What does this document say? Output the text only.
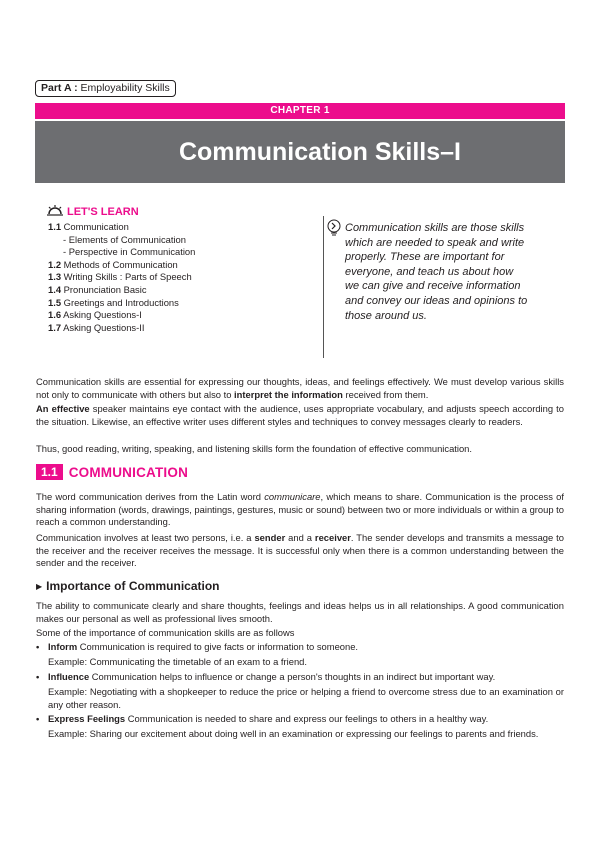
Part A : Employability Skills
CHAPTER 1
Communication Skills–I
LET'S LEARN
1.1 Communication
- Elements of Communication
- Perspective in Communication
1.2 Methods of Communication
1.3 Writing Skills : Parts of Speech
1.4 Pronunciation Basic
1.5 Greetings and Introductions
1.6 Asking Questions-I
1.7 Asking Questions-II
Communication skills are those skills which are needed to speak and write properly. These are important for everyone, and teach us about how we can give and receive information and convey our ideas and opinions to those around us.
Communication skills are essential for expressing our thoughts, ideas, and feelings effectively. We must develop various skills not only to communicate with others but also to interpret the information received from them.
An effective speaker maintains eye contact with the audience, uses appropriate vocabulary, and adjusts speech according to the situation. Likewise, an effective writer uses different styles and techniques to convey messages clearly to readers.
Thus, good reading, writing, speaking, and listening skills form the foundation of effective communication.
1.1 COMMUNICATION
The word communication derives from the Latin word communicare, which means to share. Communication is the process of sharing information (words, drawings, paintings, gestures, music or sound) between two or more individuals or within a group to reach a common understanding.
Communication involves at least two persons, i.e. a sender and a receiver. The sender develops and transmits a message to the receiver and the receiver receives the message. It is successful only when there is a common understanding between the sender and the receiver.
▶ Importance of Communication
The ability to communicate clearly and share thoughts, feelings and ideas helps us in all relationships. A good communication makes our personal as well as professional lives smooth.
Some of the importance of communication skills are as follows
• Inform Communication is required to give facts or information to someone.
Example: Communicating the timetable of an exam to a friend.
• Influence Communication helps to influence or change a person's thoughts in an indirect but important way.
Example: Negotiating with a shopkeeper to reduce the price or helping a friend to overcome stress due to an examination or any other reason.
• Express Feelings Communication is needed to share and express our feelings to others in a healthy way.
Example: Sharing our excitement about doing well in an examination or expressing our feelings to parents and friends.
